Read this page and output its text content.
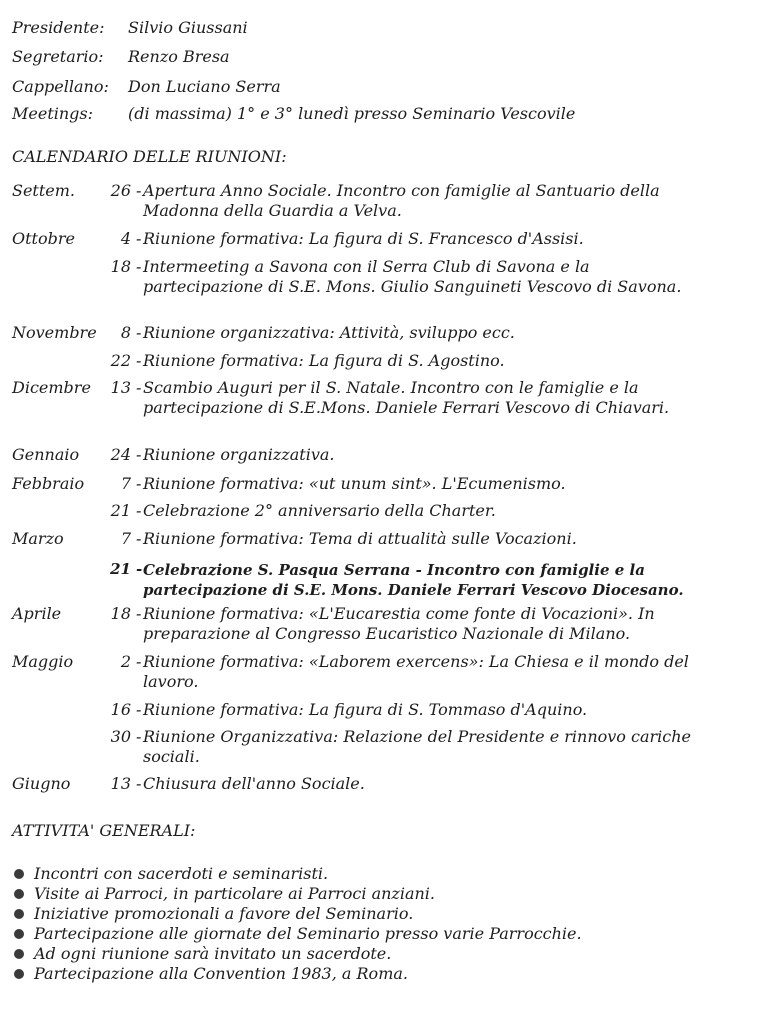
Presidente: Silvio Giussani
Segretario: Renzo Bresa
Cappellano: Don Luciano Serra
Meetings: (di massima) 1° e 3° lunedì presso Seminario Vescovile
CALENDARIO DELLE RIUNIONI:
Settem. 26 - Apertura Anno Sociale. Incontro con famiglie al Santuario della Madonna della Guardia a Velva.
Ottobre	4 - Riunione formativa: La figura di S. Francesco d'Assisi.
18 - Intermeeting a Savona con il Serra Club di Savona e la partecipazione di S.E. Mons. Giulio Sanguineti Vescovo di Savona.
Novembre 8 - Riunione organizzativa: Attività, sviluppo ecc.
22 - Riunione formativa: La figura di S. Agostino.
Dicembre 13 - Scambio Auguri per il S. Natale. Incontro con le famiglie e la partecipazione di S.E.Mons. Daniele Ferrari Vescovo di Chiavari.
Gennaio 24 - Riunione organizzativa.
Febbraio 7 - Riunione formativa: «ut unum sint». L'Ecumenismo.
21 - Celebrazione 2° anniversario della Charter.
Marzo	7 - Riunione formativa: Tema di attualità sulle Vocazioni.
21 - Celebrazione S. Pasqua Serrana - Incontro con famiglie e la partecipazione di S.E. Mons. Daniele Ferrari Vescovo Diocesano.
Aprile	18 - Riunione formativa: «L'Eucarestia come fonte di Vocazioni». In preparazione al Congresso Eucaristico Nazionale di Milano.
Maggio	2 - Riunione formativa: «Laborem exercens»: La Chiesa e il mondo del lavoro.
16 - Riunione formativa: La figura di S. Tommaso d'Aquino.
30 - Riunione Organizzativa: Relazione del Presidente e rinnovo cariche sociali.
Giugno	13 - Chiusura dell'anno Sociale.
ATTIVITA' GENERALI:
Incontri con sacerdoti e seminaristi.
Visite ai Parroci, in particolare ai Parroci anziani.
Iniziative promozionali a favore del Seminario.
Partecipazione alle giornate del Seminario presso varie Parrocchie.
Ad ogni riunione sarà invitato un sacerdote.
Partecipazione alla Convention 1983, a Roma.
